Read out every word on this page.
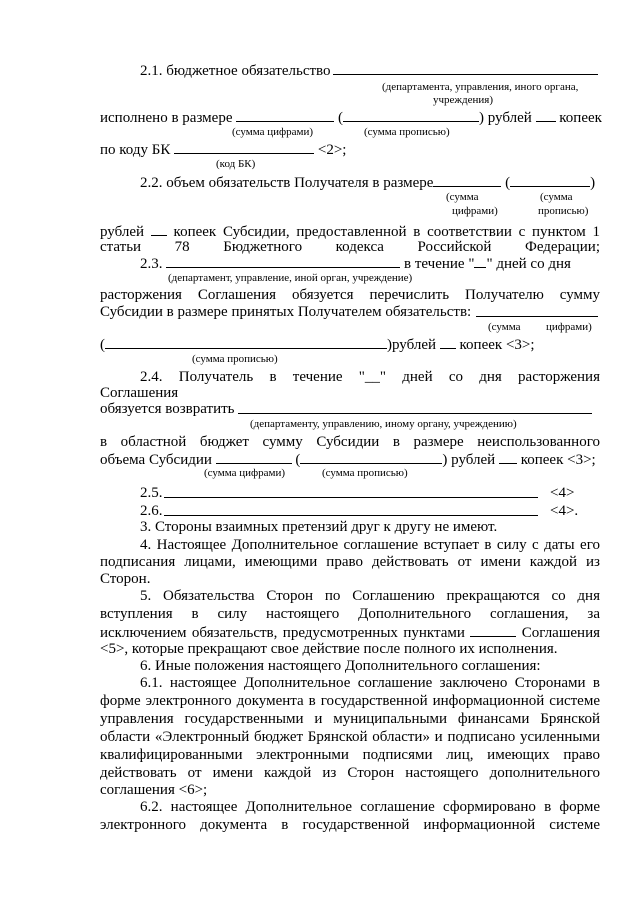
2.1. бюджетное обязательство
(департамента, управления, иного органа,
учреждения)
исполнено в размере	(	) рублей копеек
(сумма цифрами)	(сумма прописью)
по коду БК	<2>;
(код БК)
2.2. объем обязательств Получателя в размере	(	)
(сумма	(сумма
цифрами)	прописью)
рублей копеек Субсидии, предоставленной в соответствии с пунктом 1
статьи 78 Бюджетного кодекса Российской Федерации;
2.3.	в течение " " дней со дня
(департамент, управление, иной орган, учреждение)
расторжения Соглашения обязуется перечислить Получателю сумму
Субсидии в размере принятых Получателем обязательств:
(сумма цифрами)
(	)рублей копеек <3>;
(сумма прописью)
2.4. Получатель в течение "__" дней со дня расторжения
Соглашения
обязуется возвратить
(департаменту, управлению, иному органу, учреждению)
в областной бюджет сумму Субсидии в размере неиспользованного
объема Субсидии	(	) рублей копеек <3>;
(сумма цифрами)	(сумма прописью)
2.5.	<4>
2.6.	<4>.
3. Стороны взаимных претензий друг к другу не имеют.
4. Настоящее Дополнительное соглашение вступает в силу с даты его
подписания лицами, имеющими право действовать от имени каждой из
Сторон.
5. Обязательства Сторон по Соглашению прекращаются со дня
вступления в силу настоящего Дополнительного соглашения, за
исключением обязательств, предусмотренных пунктами	Соглашения
<5>, которые прекращают свое действие после полного их исполнения.
6. Иные положения настоящего Дополнительного соглашения:
6.1. настоящее Дополнительное соглашение заключено Сторонами в
форме электронного документа в государственной информационной системе
управления государственными и муниципальными финансами Брянской
области «Электронный бюджет Брянской области» и подписано усиленными
квалифицированными электронными подписями лиц, имеющих право
действовать от имени каждой из Сторон настоящего дополнительного
соглашения <6>;
6.2. настоящее Дополнительное соглашение сформировано в форме
электронного документа в государственной информационной системе
